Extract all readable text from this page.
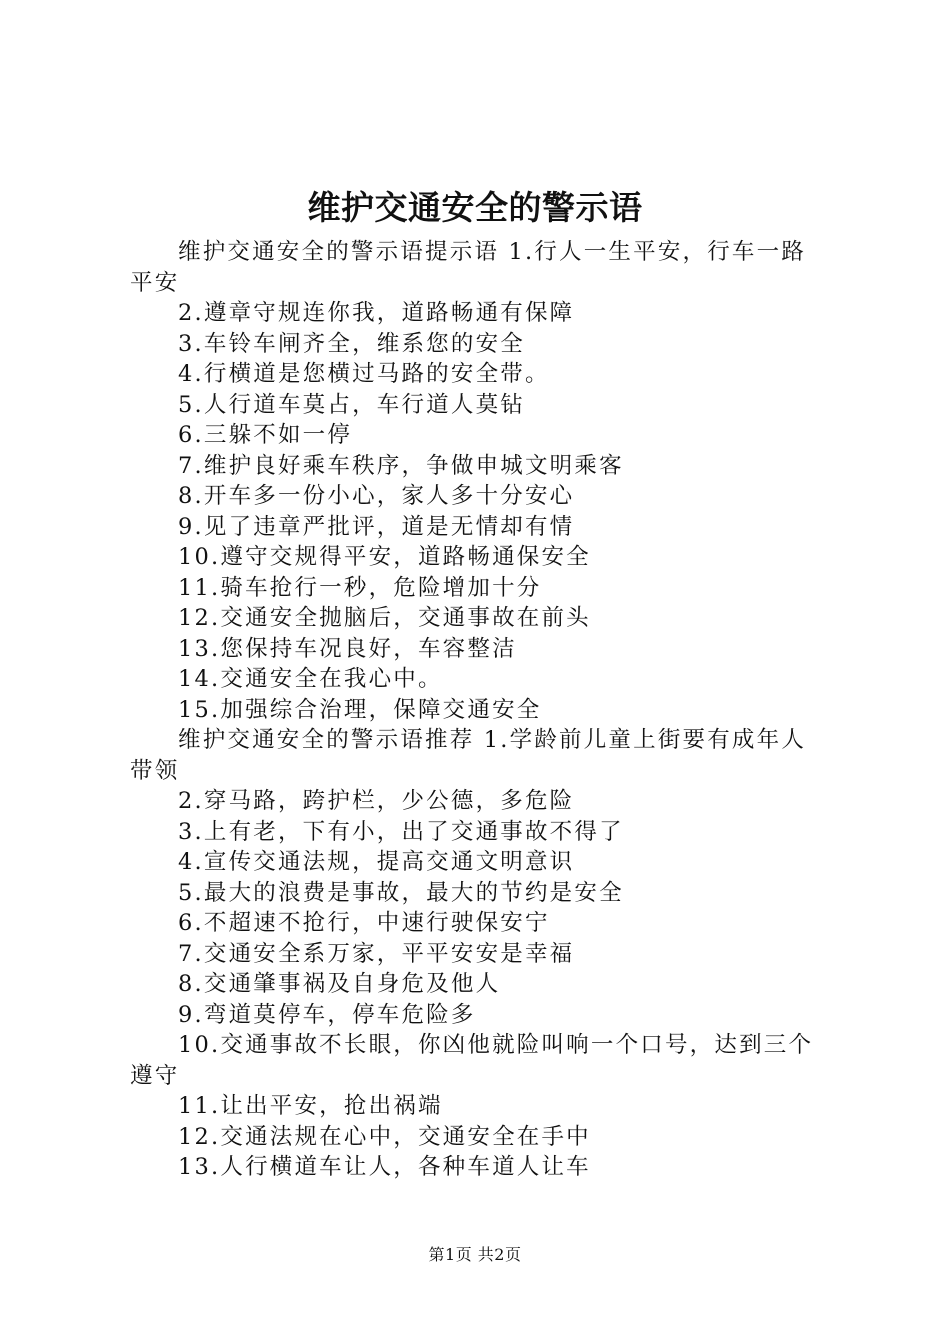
维护交通安全的警示语

维护交通安全的警示语提示语 1.行人一生平安，行车一路平安

2.遵章守规连你我，道路畅通有保障

3.车铃车闸齐全，维系您的安全

4.行横道是您横过马路的安全带。

5.人行道车莫占，车行道人莫钻

6.三躲不如一停

7.维护良好乘车秩序，争做申城文明乘客

8.开车多一份小心，家人多十分安心

9.见了违章严批评，道是无情却有情

10.遵守交规得平安，道路畅通保安全

11.骑车抢行一秒，危险增加十分

12.交通安全抛脑后，交通事故在前头

13.您保持车况良好，车容整洁

14.交通安全在我心中。

15.加强综合治理，保障交通安全

维护交通安全的警示语推荐 1.学龄前儿童上街要有成年人带领

2.穿马路，跨护栏，少公德，多危险

3.上有老，下有小，出了交通事故不得了

4.宣传交通法规，提高交通文明意识

5.最大的浪费是事故，最大的节约是安全

6.不超速不抢行，中速行驶保安宁

7.交通安全系万家，平平安安是幸福

8.交通肇事祸及自身危及他人

9.弯道莫停车，停车危险多

10.交通事故不长眼，你凶他就险叫响一个口号，达到三个遵守

11.让出平安，抢出祸端

12.交通法规在心中，交通安全在手中

13.人行横道车让人，各种车道人让车

第1页 共2页
